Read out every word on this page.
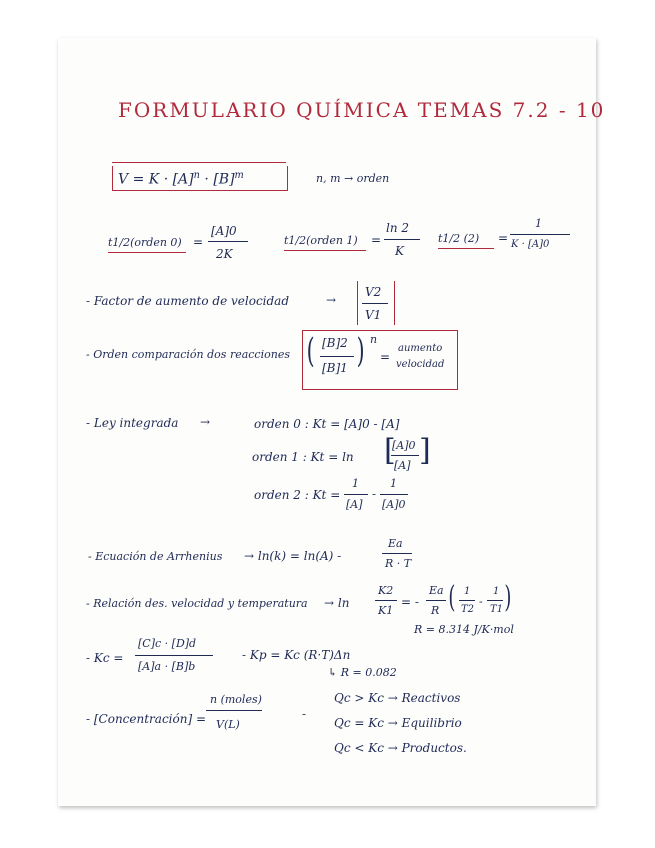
FORMULARIO QUÍMICA TEMAS 7.2 - 10
$V = K \cdot [A]^n \cdot [B]^m$	n, m → orden
t1/2(orden 0) =
[A]0
2K
t1/2(orden 1) =
ln 2
K
t1/2 (2) =
1
K · [A]0
- Factor de aumento de velocidad	→
V2
V1
- Orden comparación dos reacciones ( [B]2
[B]1 ) n
=
aumento
velocidad
- Ley integrada →	orden 0 : Kt = [A]0 - [A]
orden 1 : Kt = ln [
[A]0
[A] ]
orden 2 : Kt =
1
[A]
-
1
[A]0
- Ecuación de Arrhenius → ln(k) = ln(A) -
Ea
R · T
- Relación des. velocidad y temperatura → ln
K2
K1
= -
Ea
R ( 1
T2
-
1
T1 )
R = 8.314 J/K·mol
- Kc =
[C]c · [D]d
[A]a · [B]b
- Kp = Kc (R·T)Δn
↳ R = 0.082
- [Concentración] =
n (moles)
V(L)
-
Qc > Kc → Reactivos
Qc = Kc → Equilibrio
Qc < Kc → Productos.
